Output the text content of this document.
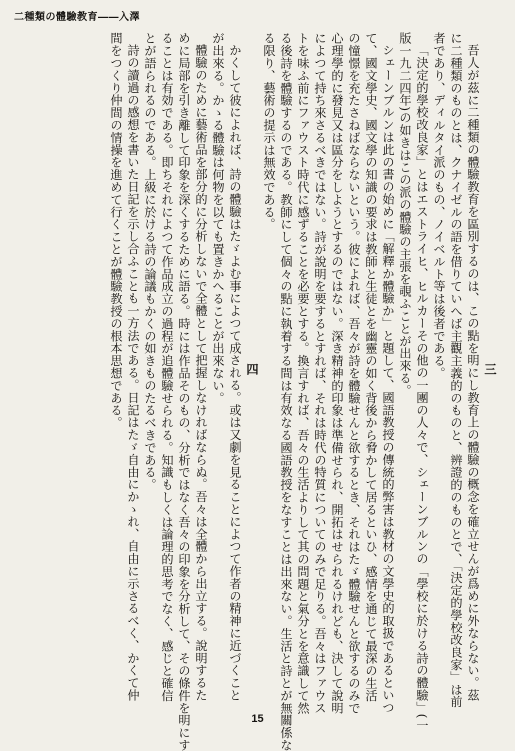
二種類の體驗教育――入澤
三
吾人が茲に二種類の體驗教育を區別するのは、この點を明にし教育上の體驗の概念を確立せんが爲めに外ならない。茲
に二種類のものとは、クナイゼルの語を借りていへば主觀主義的のものと、辨證的のものとで、「決定的學校改良家」は前
者であり、ディルタイ派のもの、ノイベルト等は後者である。
「決定的學校改良家」とはエストライヒ、ヒルカーその他の一團の人々で、シェーンブルンの「學校に於ける詩の體驗」(一
版一九二四年)の如きはこの派の體驗の主張を覗ふことが出來る。
シェーンブルンは此の書の始めに「解釋か體驗か」と題して、國語教授の傳統的弊害は教材の文學史的取扱であるといつ
て、國文學史、國文學の知識の要求は教師と生徒とを幽靈の如く背後から脅かして居るといひ、感情を通じて最深の生活
の憧憬を充たさねばならないという。彼によれば、吾々が詩を體驗せんと欲するとき、それはたゞ體驗せんと欲するのみで
心理學的に發見又は區分をしようとするのではない。深き精神的印象は準備せられ、開拓はせられるけれども、決して說明
によつて持ち來さるべきではない。詩が說明を要するとすれば、それは時代の特質についてのみで足りる。吾々はファウス
トを味ふ前にファウスト時代に感ずることを必要とする。換言すれば、吾々の生活よりして其の問題と氣分とを意識して然
る後詩を體驗するのである。教師にして個々の點に執着する間は有效なる國語教授をなすことは出來ない。生活と詩とが無關係な
る限り、藝術の提示は無效である。
四
かくして彼によれば、詩の體驗はたゞよむ事によつて成される。或は又劇を見ることによつて作者の精神に近づくこと
が出來る。かゝる體驗は何物を以ても置きかへることが出來ない。
體驗のために藝術品を部分的に分析しないで全體として把握しなければならぬ。吾々は全體から出立する。說明するた
めに局部を引き離して印象を深くするために語る。時には作品そのもの、分析ではなく吾々の印象を分析して、その條件を明にす
ることは有効である。即ちそれによつて作品成立の過程が追體驗せられる。知識もしくは論理的思考でなく、感じと確信
とが語られるのである。上級に於ける詩の論議もかくの如きものたるべきである。
詩の讀過の感想を書いた日記を示し合ふことも一方法である。日記はたゞ自由にかゝれ、自由に示さるべく、かくて仲
間をつくり仲間の情操を進めて行くことが體驗教授の根本思想である。
15
